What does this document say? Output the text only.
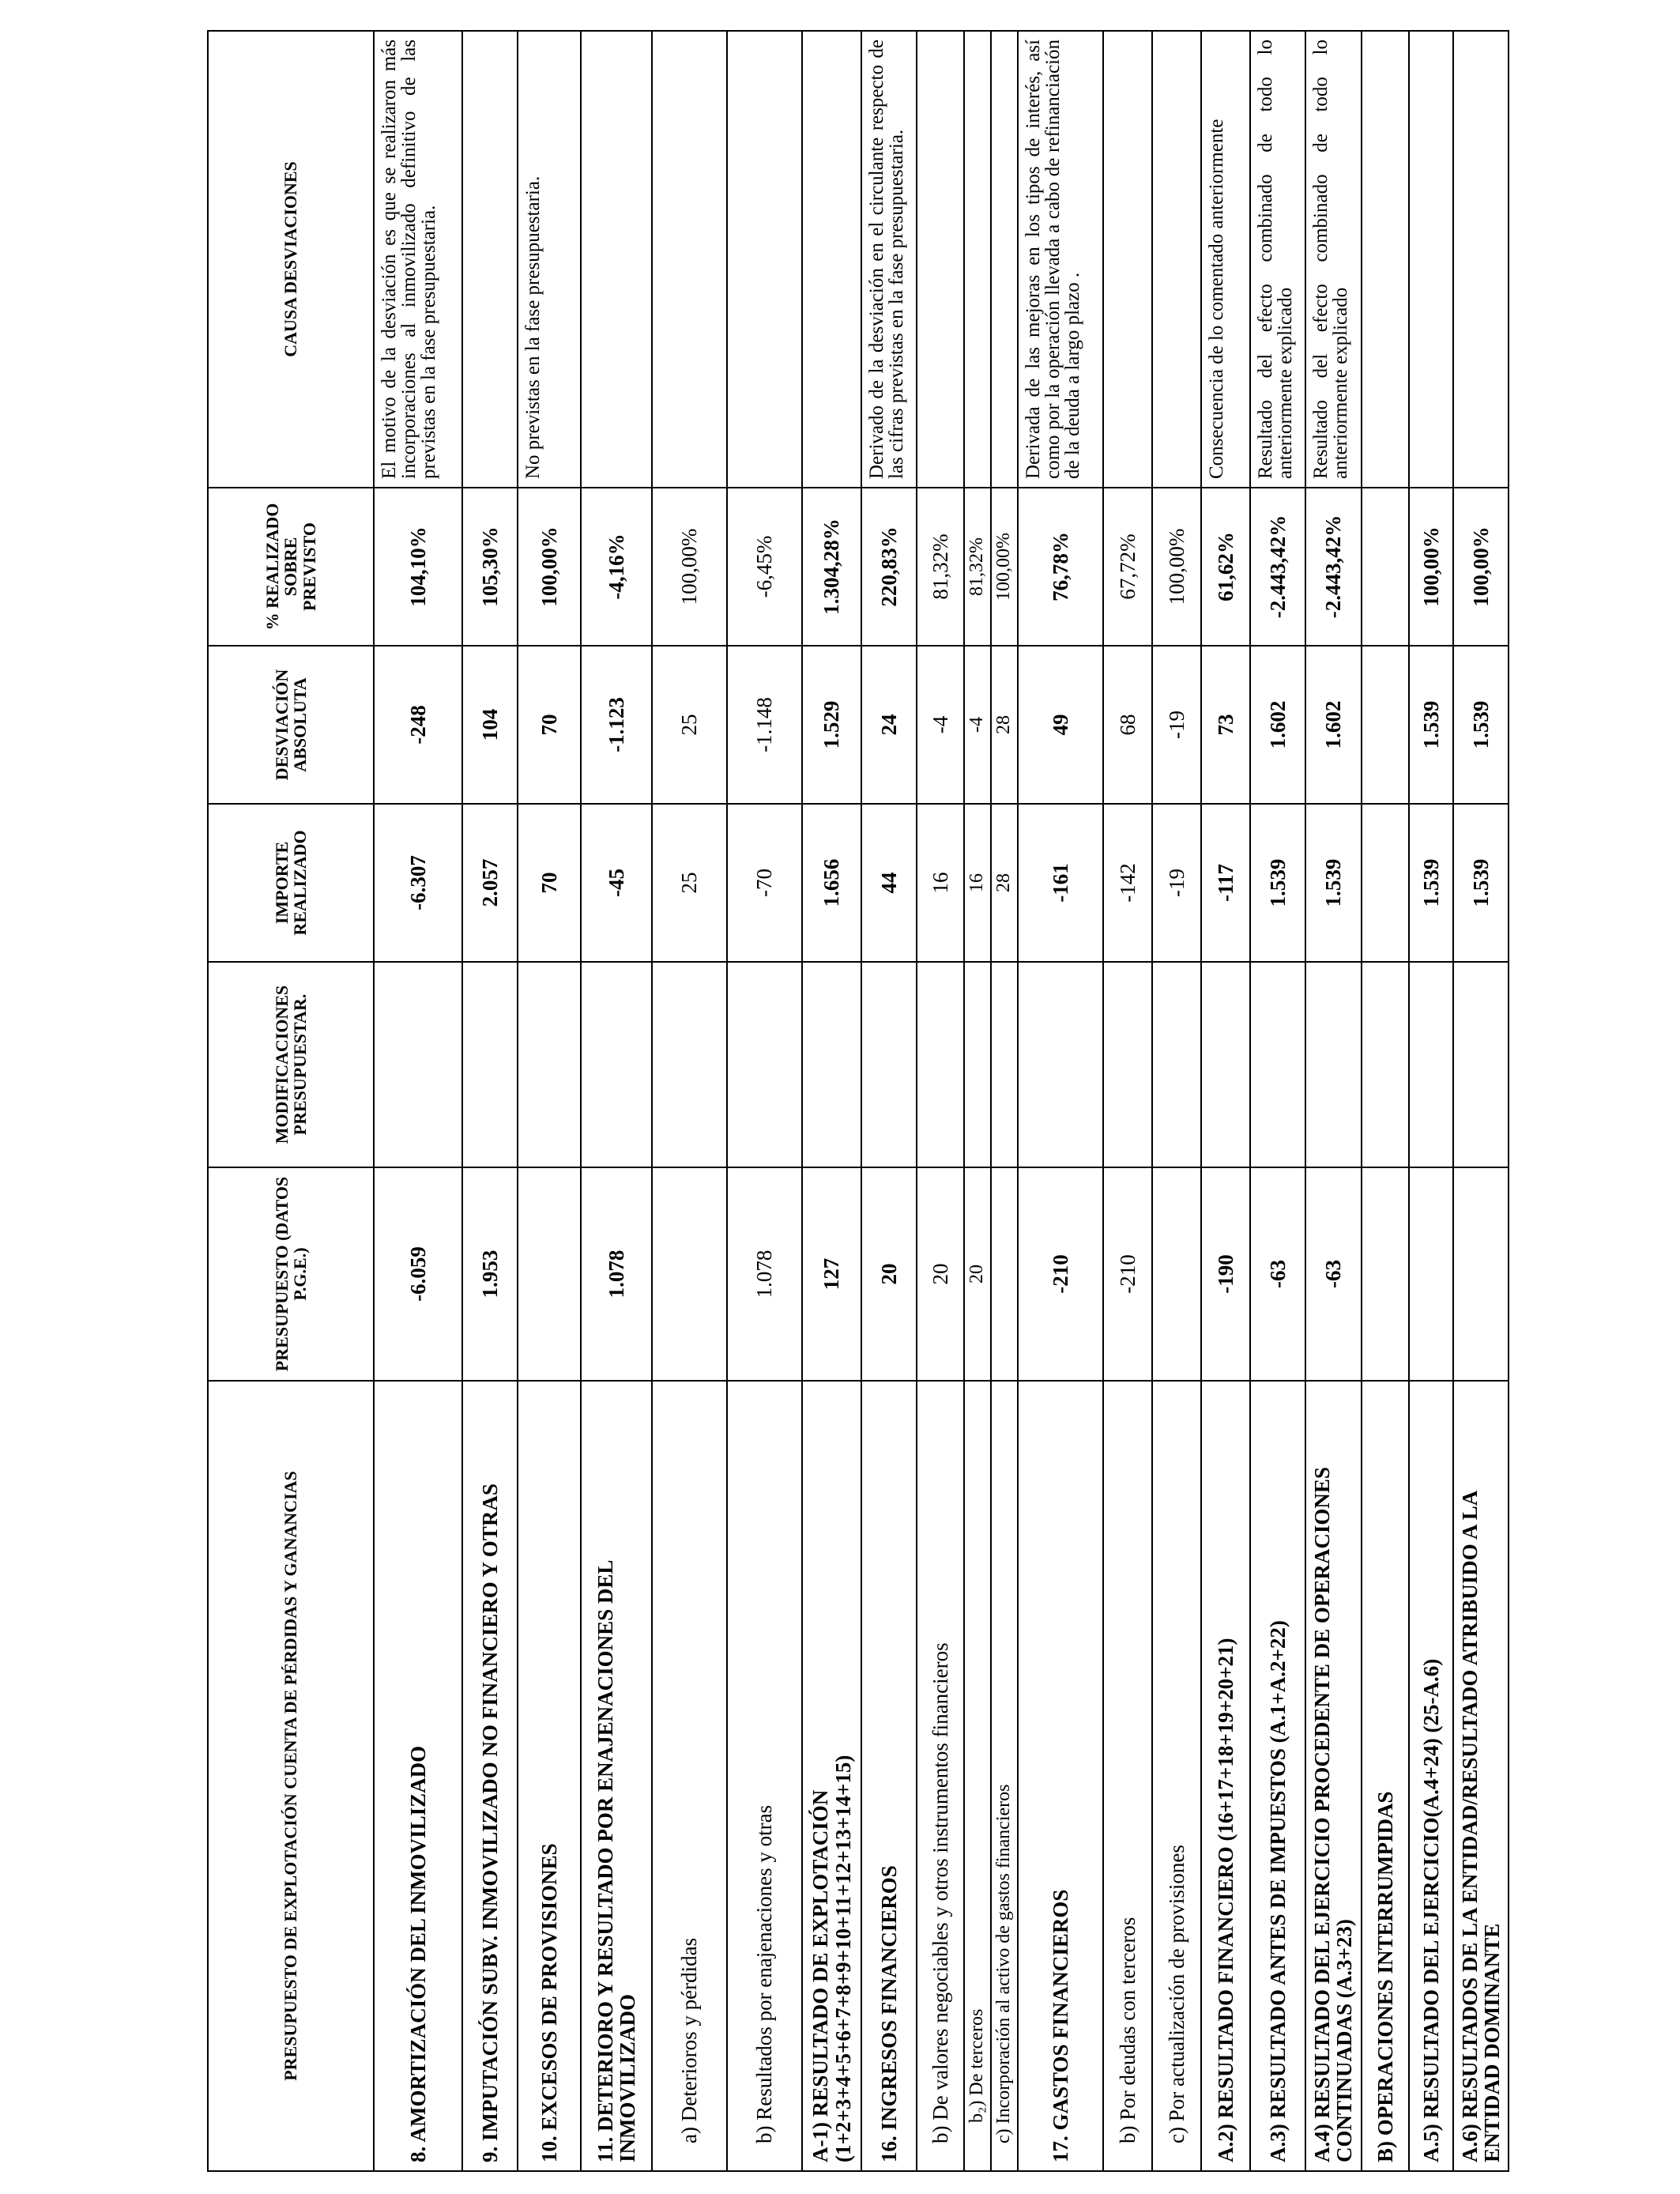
PRESUPUESTO DE EXPLOTACIÓN CUENTA DE PÉRDIDAS Y GANANCIAS	PRESUPUESTO (DATOS P.G.E.)	MODIFICACIONES PRESUPUESTAR.	IMPORTE REALIZADO	DESVIACIÓN ABSOLUTA	% REALIZADO SOBRE PREVISTO	CAUSA DESVIACIONES
8. AMORTIZACIÓN DEL INMOVILIZADO	-6.059		-6.307	-248	104,10%	El motivo de la desviación es que se realizaron más incorporaciones al inmovilizado definitivo de las previstas en la fase presupuestaria.
9. IMPUTACIÓN SUBV. INMOVILIZADO NO FINANCIERO Y OTRAS	1.953		2.057	104	105,30%	
10. EXCESOS DE PROVISIONES			70	70	100,00%	No previstas en la fase presupuestaria.
11. DETERIORO Y RESULTADO POR ENAJENACIONES DEL INMOVILIZADO	1.078		-45	-1.123	-4,16%	
a) Deterioros y pérdidas			25	25	100,00%	
b) Resultados por enajenaciones y otras	1.078		-70	-1.148	-6,45%	
A-1) RESULTADO DE EXPLOTACIÓN (1+2+3+4+5+6+7+8+9+10+11+12+13+14+15)	127		1.656	1.529	1.304,28%	
16. INGRESOS FINANCIEROS	20		44	24	220,83%	Derivado de la desviación en el circulante respecto de las cifras previstas en la fase presupuestaria.
b) De valores negociables y otros instrumentos financieros	20		16	-4	81,32%	
b₂) De terceros	20		16	-4	81,32%	
c) Incorporación al activo de gastos financieros			28	28	100,00%	
17. GASTOS FINANCIEROS	-210		-161	49	76,78%	Derivada de las mejoras en los tipos de interés, así como por la operación llevada a cabo de refinanciación de la deuda a largo plazo .
b) Por deudas con terceros	-210		-142	68	67,72%	
c) Por actualización de provisiones			-19	-19	100,00%	
A.2) RESULTADO FINANCIERO (16+17+18+19+20+21)	-190		-117	73	61,62%	Consecuencia de lo comentado anteriormente
A.3) RESULTADO ANTES DE IMPUESTOS (A.1+A.2+22)	-63		1.539	1.602	-2.443,42%	Resultado del efecto combinado de todo lo anteriormente explicado
A.4) RESULTADO DEL EJERCICIO PROCEDENTE DE OPERACIONES CONTINUADAS (A.3+23)	-63		1.539	1.602	-2.443,42%	Resultado del efecto combinado de todo lo anteriormente explicado
B) OPERACIONES INTERRUMPIDAS						
A.5) RESULTADO DEL EJERCICIO(A.4+24) (25-A.6)			1.539	1.539	100,00%	
A.6) RESULTADOS DE LA ENTIDAD/RESULTADO ATRIBUIDO A LA ENTIDAD DOMINANTE			1.539	1.539	100,00%	
